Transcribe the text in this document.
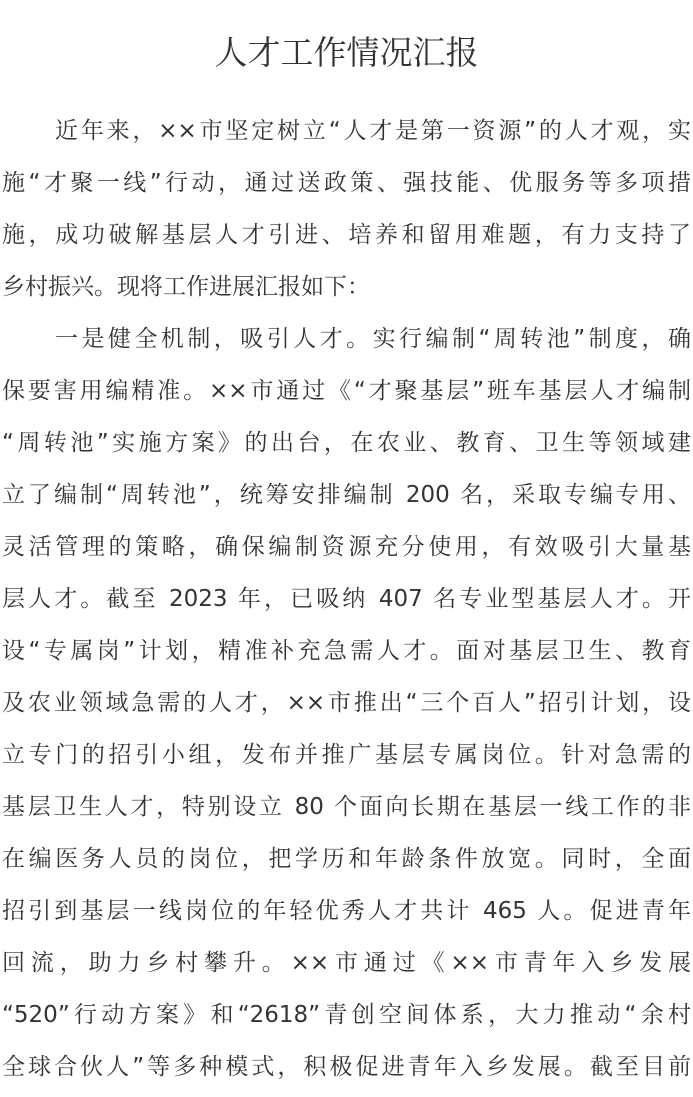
人才工作情况汇报
近年来，××市坚定树立“人才是第一资源”的人才观，实
施“才聚一线”行动，通过送政策、强技能、优服务等多项措
施，成功破解基层人才引进、培养和留用难题，有力支持了
乡村振兴。现将工作进展汇报如下：
一是健全机制，吸引人才。实行编制“周转池”制度，确
保要害用编精准。××市通过《“才聚基层”班车基层人才编制
“周转池”实施方案》的出台，在农业、教育、卫生等领域建
立了编制“周转池”，统筹安排编制 200 名，采取专编专用、
灵活管理的策略，确保编制资源充分使用，有效吸引大量基
层人才。截至 2023 年，已吸纳 407 名专业型基层人才。开
设“专属岗”计划，精准补充急需人才。面对基层卫生、教育
及农业领域急需的人才，××市推出“三个百人”招引计划，设
立专门的招引小组，发布并推广基层专属岗位。针对急需的
基层卫生人才，特别设立 80 个面向长期在基层一线工作的非
在编医务人员的岗位，把学历和年龄条件放宽。同时，全面
招引到基层一线岗位的年轻优秀人才共计 465 人。促进青年
回流，助力乡村攀升。××市通过《××市青年入乡发展
“520”行动方案》和“2618”青创空间体系，大力推动“余村
全球合伙人”等多种模式，积极促进青年入乡发展。截至目前
